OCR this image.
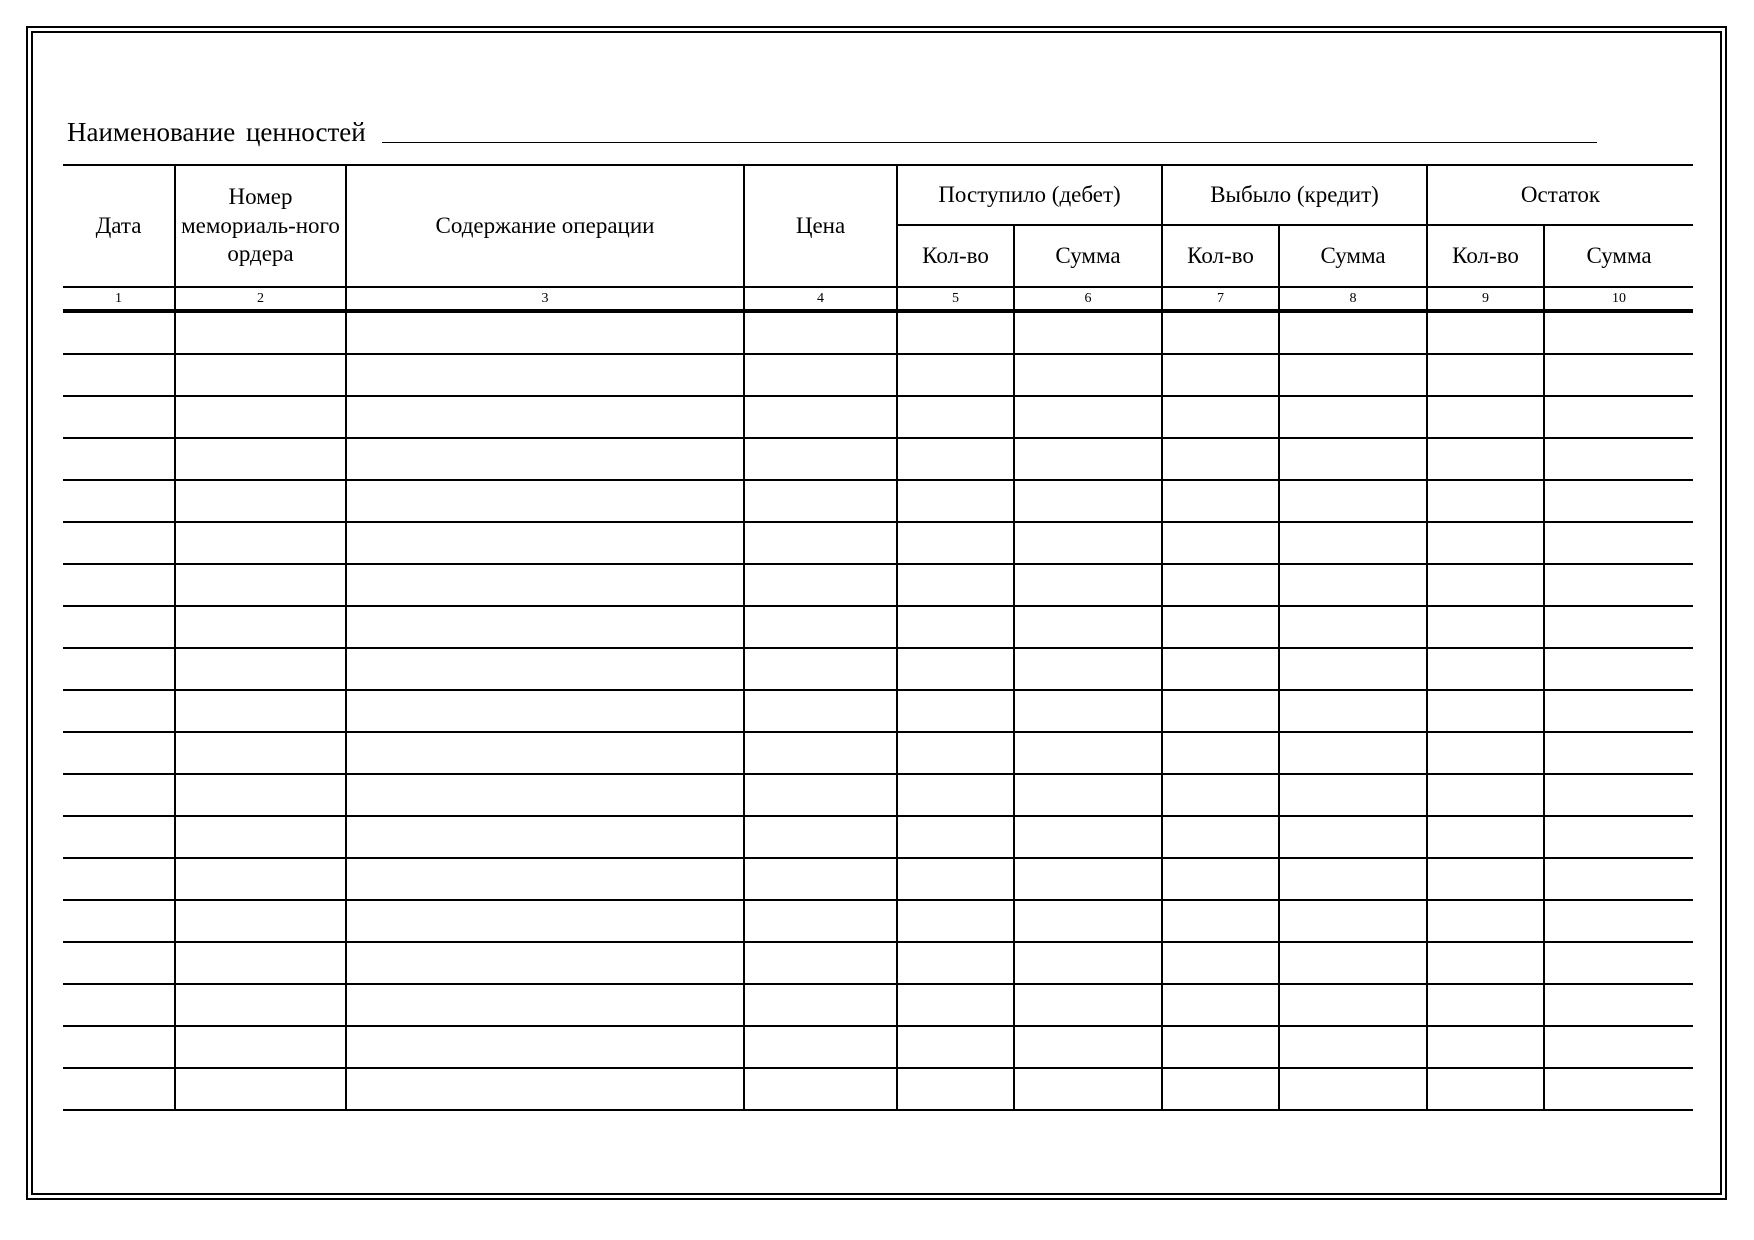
Наименование ценностей
Дата	Номер мемориаль-ного ордера	Содержание операции	Цена	Поступило (дебет)		Выбыло (кредит)		Остаток	
				Кол-во	Сумма	Кол-во	Сумма	Кол-во	Сумма
1	2	3	4	5	6	7	8	9	10
